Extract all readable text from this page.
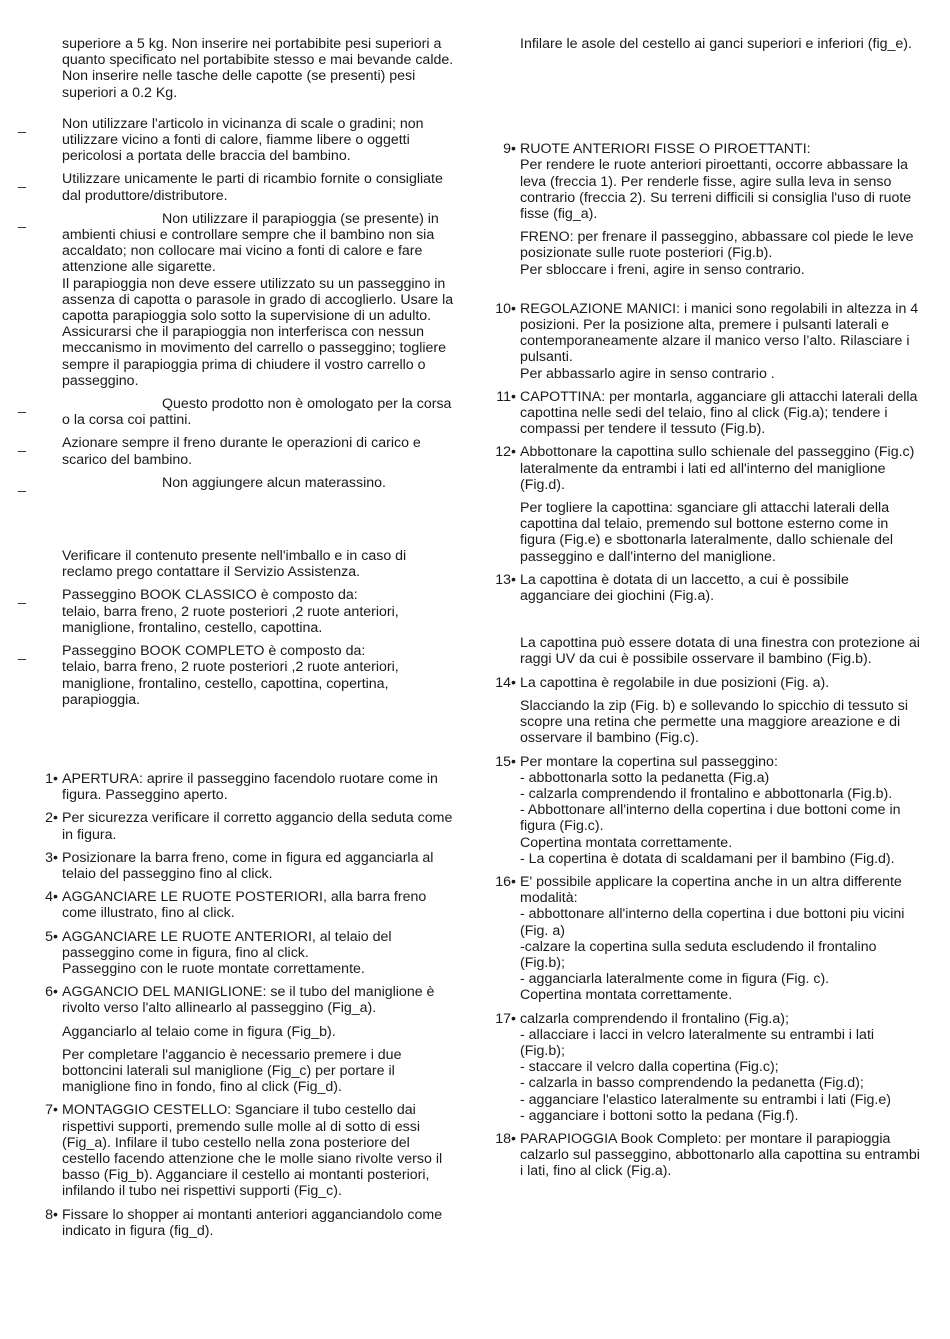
superiore a 5 kg. Non inserire nei portabibite pesi superiori a quanto specificato nel portabibite stesso e mai bevande calde. Non inserire nelle tasche delle capotte (se presenti) pesi superiori a 0.2 Kg.
_	Non utilizzare l'articolo in vicinanza di scale o gradini; non utilizzare vicino a fonti di calore, fiamme libere o oggetti pericolosi a portata delle braccia del bambino.
_	Utilizzare unicamente le parti di ricambio fornite o consigliate dal produttore/distributore.
_	Non utilizzare il parapioggia (se presente) in ambienti chiusi e controllare sempre che il bambino non sia accaldato; non collocare mai vicino a fonti di calore e fare attenzione alle sigarette.
Il parapioggia non deve essere utilizzato su un passeggino in assenza di capotta o parasole in grado di accoglierlo. Usare la capotta parapioggia solo sotto la supervisione di un adulto. Assicurarsi che il parapioggia non interferisca con nessun meccanismo in movimento del carrello o passeggino; togliere sempre il parapioggia prima di chiudere il vostro carrello o passeggino.
_	Questo prodotto non è omologato per la corsa o la corsa coi pattini.
_	Azionare sempre il freno durante le operazioni di carico e scarico del bambino.
_	Non aggiungere alcun materassino.
Verificare il contenuto presente nell'imballo e in caso di reclamo prego contattare il Servizio Assistenza.
_	Passeggino BOOK CLASSICO è composto da:
telaio, barra freno, 2 ruote posteriori ,2 ruote anteriori, maniglione, frontalino, cestello, capottina.
_	Passeggino BOOK COMPLETO è composto da:
telaio, barra freno, 2 ruote posteriori ,2 ruote anteriori, maniglione, frontalino, cestello, capottina, copertina, parapioggia.
1• APERTURA: aprire il passeggino facendolo ruotare come in figura. Passeggino aperto.
2• Per sicurezza verificare il corretto aggancio della seduta come in figura.
3• Posizionare la barra freno, come in figura ed agganciarla al telaio del passeggino fino al click.
4• AGGANCIARE LE RUOTE POSTERIORI, alla barra freno come illustrato, fino al click.
5• AGGANCIARE LE RUOTE ANTERIORI, al telaio del passeggino come in figura, fino al click.
Passeggino con le ruote montate correttamente.
6• AGGANCIO DEL MANIGLIONE: se il tubo del maniglione è rivolto verso l'alto allinearlo al passeggino (Fig_a).
Agganciarlo al telaio come in figura (Fig_b).
Per completare l'aggancio è necessario premere i due bottoncini laterali sul maniglione (Fig_c) per portare il maniglione fino in fondo, fino al click (Fig_d).
7• MONTAGGIO CESTELLO: Sganciare il tubo cestello dai rispettivi supporti, premendo sulle molle al di sotto di essi (Fig_a). Infilare il tubo cestello nella zona posteriore del cestello facendo attenzione che le molle siano rivolte verso il basso (Fig_b). Agganciare il cestello ai montanti posteriori, infilando il tubo nei rispettivi supporti (Fig_c).
8• Fissare lo shopper ai montanti anteriori agganciandolo come indicato in figura (fig_d).
Infilare le asole del cestello ai ganci superiori e inferiori (fig_e).
9• RUOTE ANTERIORI FISSE O PIROETTANTI:
Per rendere le ruote anteriori piroettanti, occorre abbassare la leva (freccia 1). Per renderle fisse, agire sulla leva in senso contrario (freccia 2). Su terreni difficili si consiglia l'uso di ruote fisse (fig_a).
FRENO: per frenare il passeggino, abbassare col piede le leve posizionate sulle ruote posteriori (Fig.b).
Per sbloccare i freni, agire in senso contrario.
10• REGOLAZIONE MANICI: i manici sono regolabili in altezza in 4 posizioni. Per la posizione alta, premere i pulsanti laterali e contemporaneamente alzare il manico verso l’alto. Rilasciare i pulsanti.
Per abbassarlo agire in senso contrario .
11• CAPOTTINA: per montarla, agganciare gli attacchi laterali della capottina nelle sedi del telaio, fino al click (Fig.a); tendere i compassi per tendere il tessuto (Fig.b).
12• Abbottonare la capottina sullo schienale del passeggino (Fig.c) lateralmente da entrambi i lati ed all'interno del maniglione (Fig.d).
Per togliere la capottina: sganciare gli attacchi laterali della capottina dal telaio, premendo sul bottone esterno come in figura (Fig.e) e sbottonarla lateralmente, dallo schienale del passeggino e dall'interno del maniglione.
13• La capottina è dotata di un laccetto, a cui è possibile agganciare dei giochini (Fig.a).
La capottina può essere dotata di una finestra con protezione ai raggi UV da cui è possibile osservare il bambino (Fig.b).
14• La capottina è regolabile in due posizioni (Fig. a).
Slacciando la zip (Fig. b) e sollevando lo spicchio di tessuto si scopre una retina che permette una maggiore areazione e di osservare il bambino (Fig.c).
15• Per montare la copertina sul passeggino:
- abbottonarla sotto la pedanetta (Fig.a)
- calzarla comprendendo il frontalino e abbottonarla (Fig.b).
- Abbottonare all'interno della copertina i due bottoni come in figura (Fig.c).
Copertina montata correttamente.
- La copertina è dotata di scaldamani per il bambino (Fig.d).
16• E' possibile applicare la copertina anche in un altra differente modalità:
- abbottonare all'interno della copertina i due bottoni piu vicini (Fig. a)
-calzare la copertina sulla seduta escludendo il frontalino (Fig.b);
- agganciarla lateralmente come in figura (Fig. c).
Copertina montata correttamente.
17• calzarla comprendendo il frontalino (Fig.a);
- allacciare i lacci in velcro lateralmente su entrambi i lati (Fig.b);
- staccare il velcro dalla copertina (Fig.c);
- calzarla in basso comprendendo la pedanetta (Fig.d);
- agganciare l'elastico lateralmente su entrambi i lati (Fig.e)
- agganciare i bottoni sotto la pedana (Fig.f).
18• PARAPIOGGIA Book Completo: per montare il parapioggia calzarlo sul passeggino, abbottonarlo alla capottina su entrambi i lati, fino al click (Fig.a).
